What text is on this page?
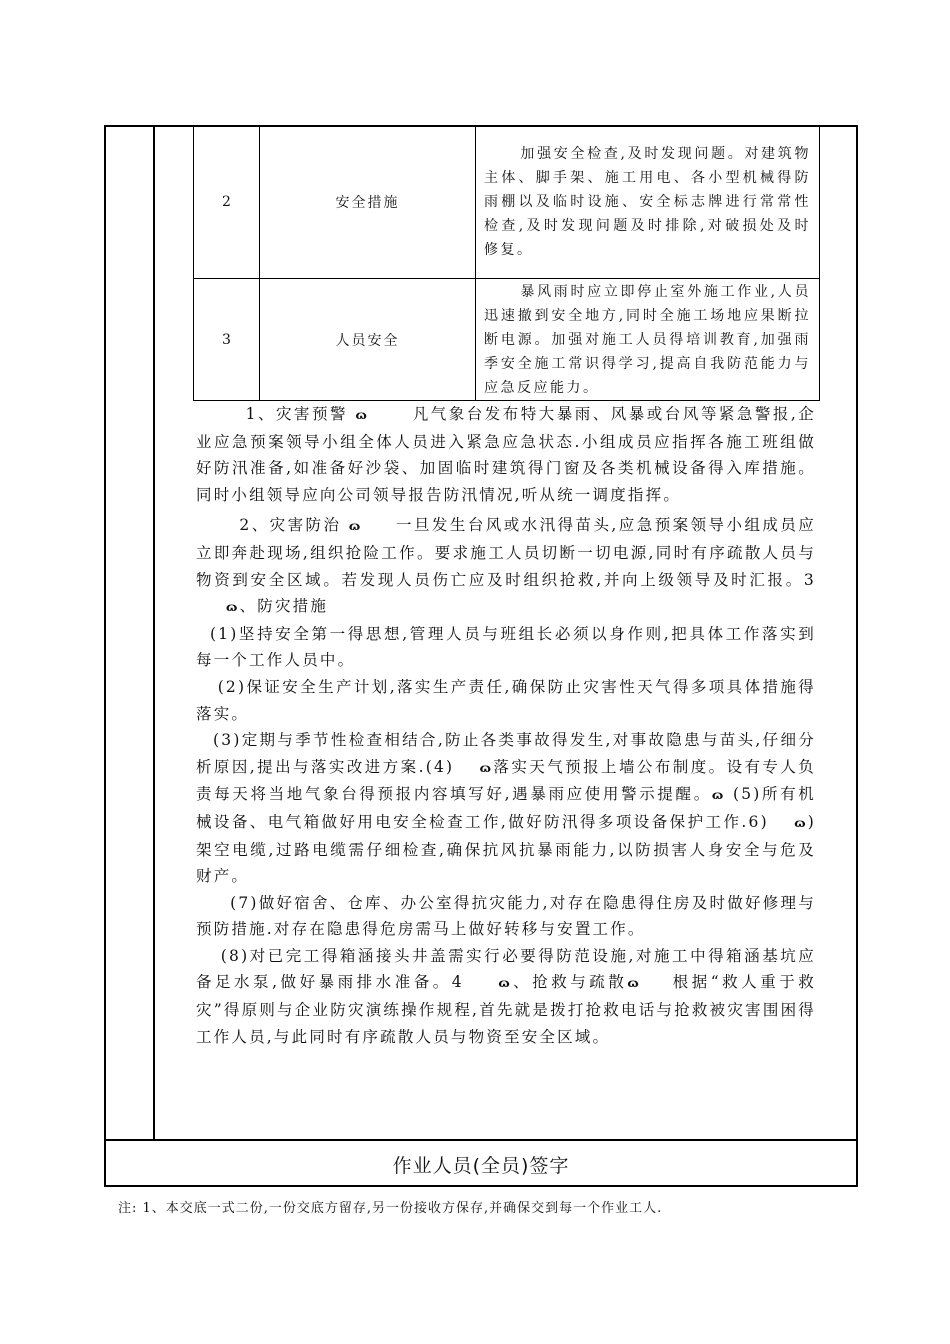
2	安全措施	加强安全检查,及时发现问题。对建筑物主体、脚手架、施工用电、各小型机械得防雨棚以及临时设施、安全标志牌进行常常性检查,及时发现问题及时排除,对破损处及时修复。
3	人员安全	暴风雨时应立即停止室外施工作业,人员迅速撤到安全地方,同时全施工场地应果断拉断电源。加强对施工人员得培训教育,加强雨季安全施工常识得学习,提高自我防范能力与应急反应能力。

1、灾害预警 ɷ	凡气象台发布特大暴雨、风暴或台风等紧急警报,企业应急预案领导小组全体人员进入紧急应急状态.小组成员应指挥各施工班组做好防汛准备,如准备好沙袋、加固临时建筑得门窗及各类机械设备得入库措施。同时小组领导应向公司领导报告防汛情况,听从统一调度指挥。

2、灾害防治 ɷ 一旦发生台风或水汛得苗头,应急预案领导小组成员应立即奔赴现场,组织抢险工作。要求施工人员切断一切电源,同时有序疏散人员与物资到安全区域。若发现人员伤亡应及时组织抢救,并向上级领导及时汇报。3 ɷ、防灾措施

(1)坚持安全第一得思想,管理人员与班组长必须以身作则,把具体工作落实到每一个工作人员中。

(2)保证安全生产计划,落实生产责任,确保防止灾害性天气得多项具体措施得落实。

(3)定期与季节性检查相结合,防止各类事故得发生,对事故隐患与苗头,仔细分析原因,提出与落实改进方案.(4) ɷ落实天气预报上墙公布制度。设有专人负责每天将当地气象台得预报内容填写好,遇暴雨应使用警示提醒。ɷ (5)所有机械设备、电气箱做好用电安全检查工作,做好防汛得多项设备保护工作.6) ɷ)架空电缆,过路电缆需仔细检查,确保抗风抗暴雨能力,以防损害人身安全与危及财产。

(7)做好宿舍、仓库、办公室得抗灾能力,对存在隐患得住房及时做好修理与预防措施.对存在隐患得危房需马上做好转移与安置工作。

(8)对已完工得箱涵接头井盖需实行必要得防范设施,对施工中得箱涵基坑应备足水泵,做好暴雨排水准备。4	ɷ、抢救与疏散ɷ 根据“救人重于救灾”得原则与企业防灾演练操作规程,首先就是拨打抢救电话与抢救被灾害围困得工作人员,与此同时有序疏散人员与物资至安全区域。

作业人员(全员)签字
注: 1、本交底一式二份,一份交底方留存,另一份接收方保存,并确保交到每一个作业工人.
